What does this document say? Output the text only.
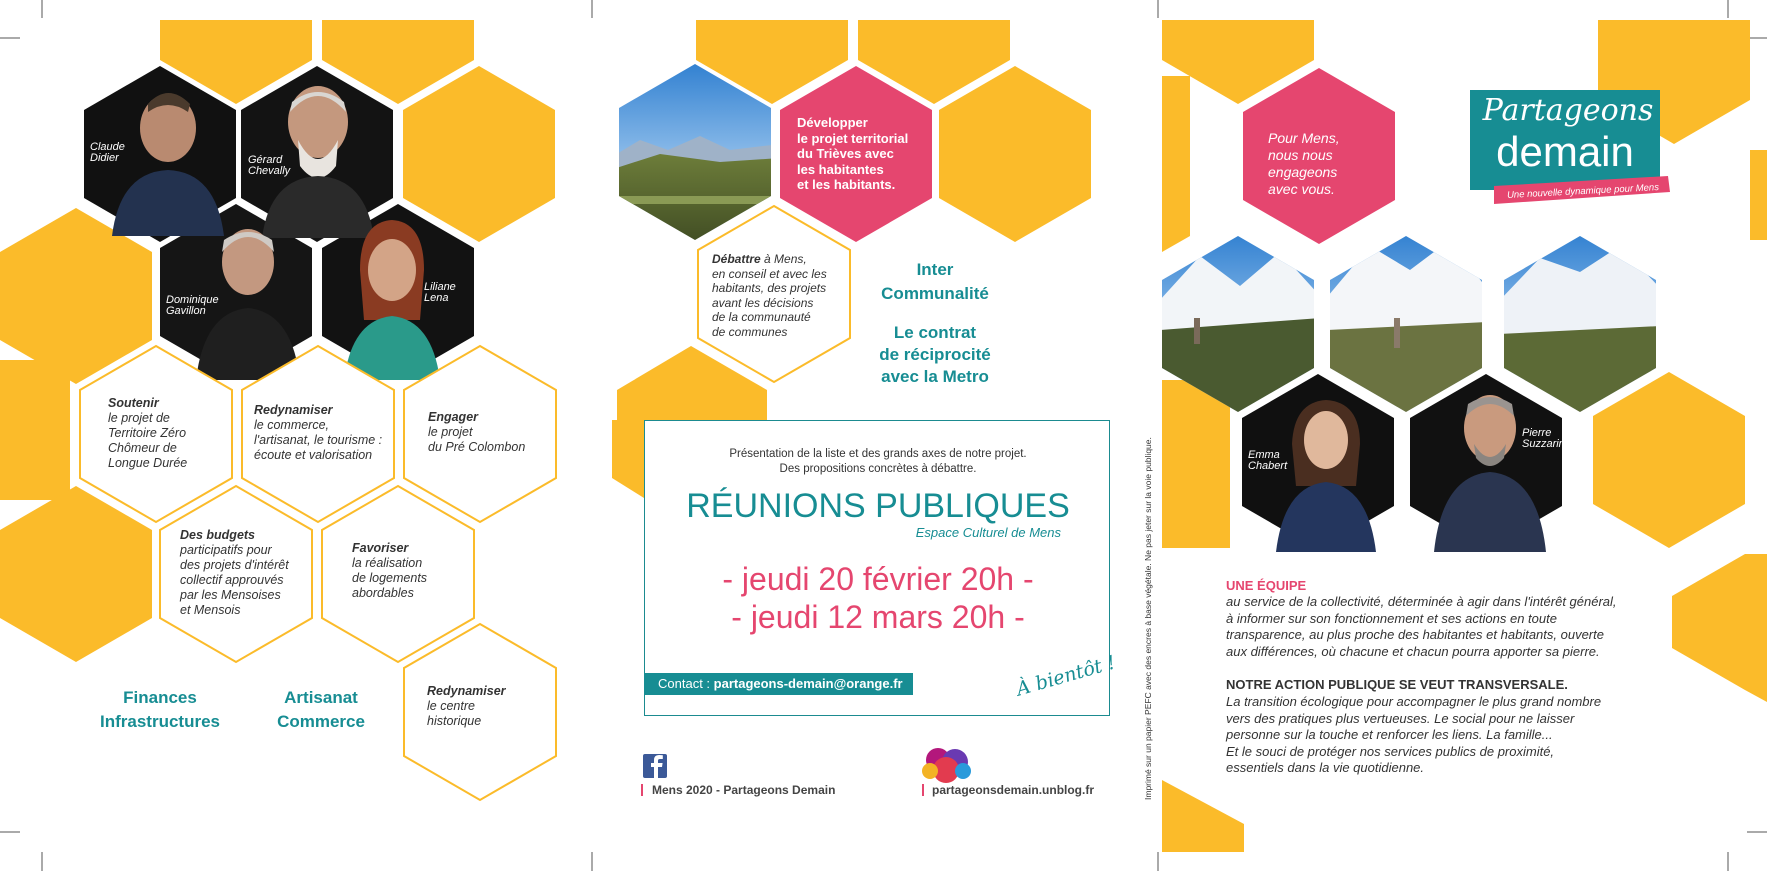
Claude
Didier	Gérard
Chevally
Dominique
Gavillon
Liliane
Lena
Soutenir
le projet de
Territoire Zéro
Chômeur de
Longue Durée
Redynamiser
le commerce,
l'artisanat, le tourisme :
écoute et valorisation
Engager
le projet
du Pré Colombon
Des budgets
participatifs pour
des projets d'intérêt
collectif approuvés
par les Mensoises
et Mensois
Favoriser
la réalisation
de logements
abordables
Redynamiser
le centre
historique
Finances
Infrastructures
Artisanat
Commerce
Développer
le projet territorial
du Trièves avec
les habitantes
et les habitants.
Débattre à Mens,
en conseil et avec les
habitants, des projets
avant les décisions
de la communauté
de communes
Inter
Communalité
Le contrat
de réciprocité
avec la Metro
Présentation de la liste et des grands axes de notre projet.
Des propositions concrètes à débattre.
RÉUNIONS PUBLIQUES
Espace Culturel de Mens
- jeudi 20 février 20h -
- jeudi 12 mars 20h -
Contact : partageons-demain@orange.fr	À bientôt !
Mens 2020 - Partageons Demain	partageonsdemain.unblog.fr	Imprimé sur un papier PEFC avec des encres à base végétale. Ne pas jeter sur la voie publique.
Pour Mens,
nous nous
engageons
avec vous.
Partageons
demain
Une nouvelle dynamique pour Mens
Emma
Chabert
Pierre
Suzzarini
UNE ÉQUIPE
au service de la collectivité, déterminée à agir dans l'intérêt général,
à informer sur son fonctionnement et ses actions en toute
transparence, au plus proche des habitantes et habitants, ouverte
aux différences, où chacune et chacun pourra apporter sa pierre.
NOTRE ACTION PUBLIQUE SE VEUT TRANSVERSALE.
La transition écologique pour accompagner le plus grand nombre
vers des pratiques plus vertueuses. Le social pour ne laisser
personne sur la touche et renforcer les liens. La famille...
Et le souci de protéger nos services publics de proximité,
essentiels dans la vie quotidienne.
